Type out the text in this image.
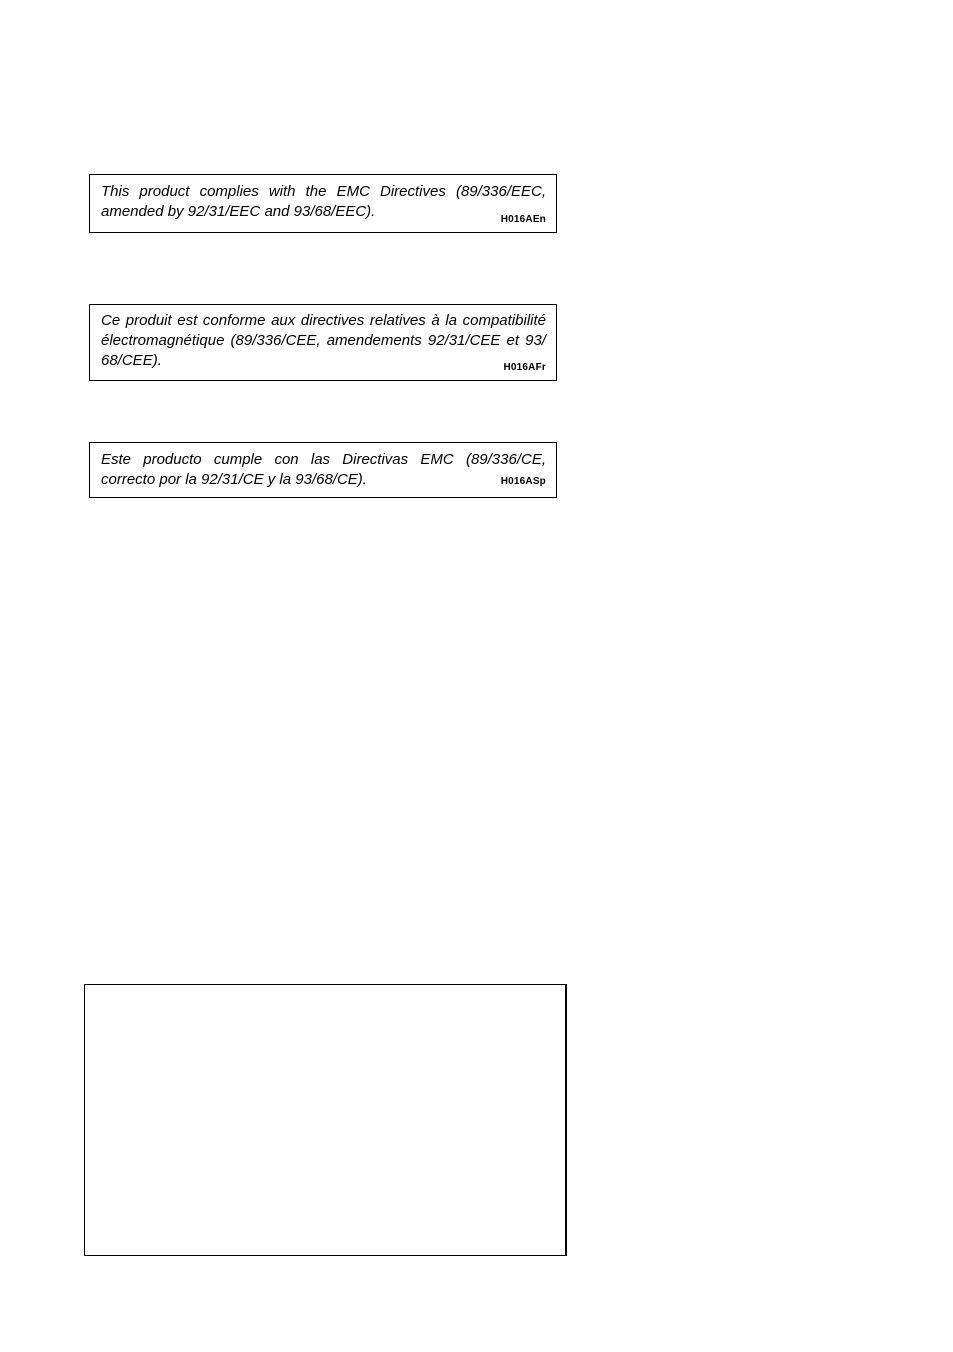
This product complies with the EMC Directives (89/336/EEC, amended by 92/31/EEC and 93/68/EEC).	H016AEn
Ce produit est conforme aux directives relatives à la compatibilité électromagnétique (89/336/CEE, amendements 92/31/CEE et 93/ 68/CEE).	H016AFr
Este producto cumple con las Directivas EMC (89/336/CE, correcto por la 92/31/CE y la 93/68/CE).	H016ASp
